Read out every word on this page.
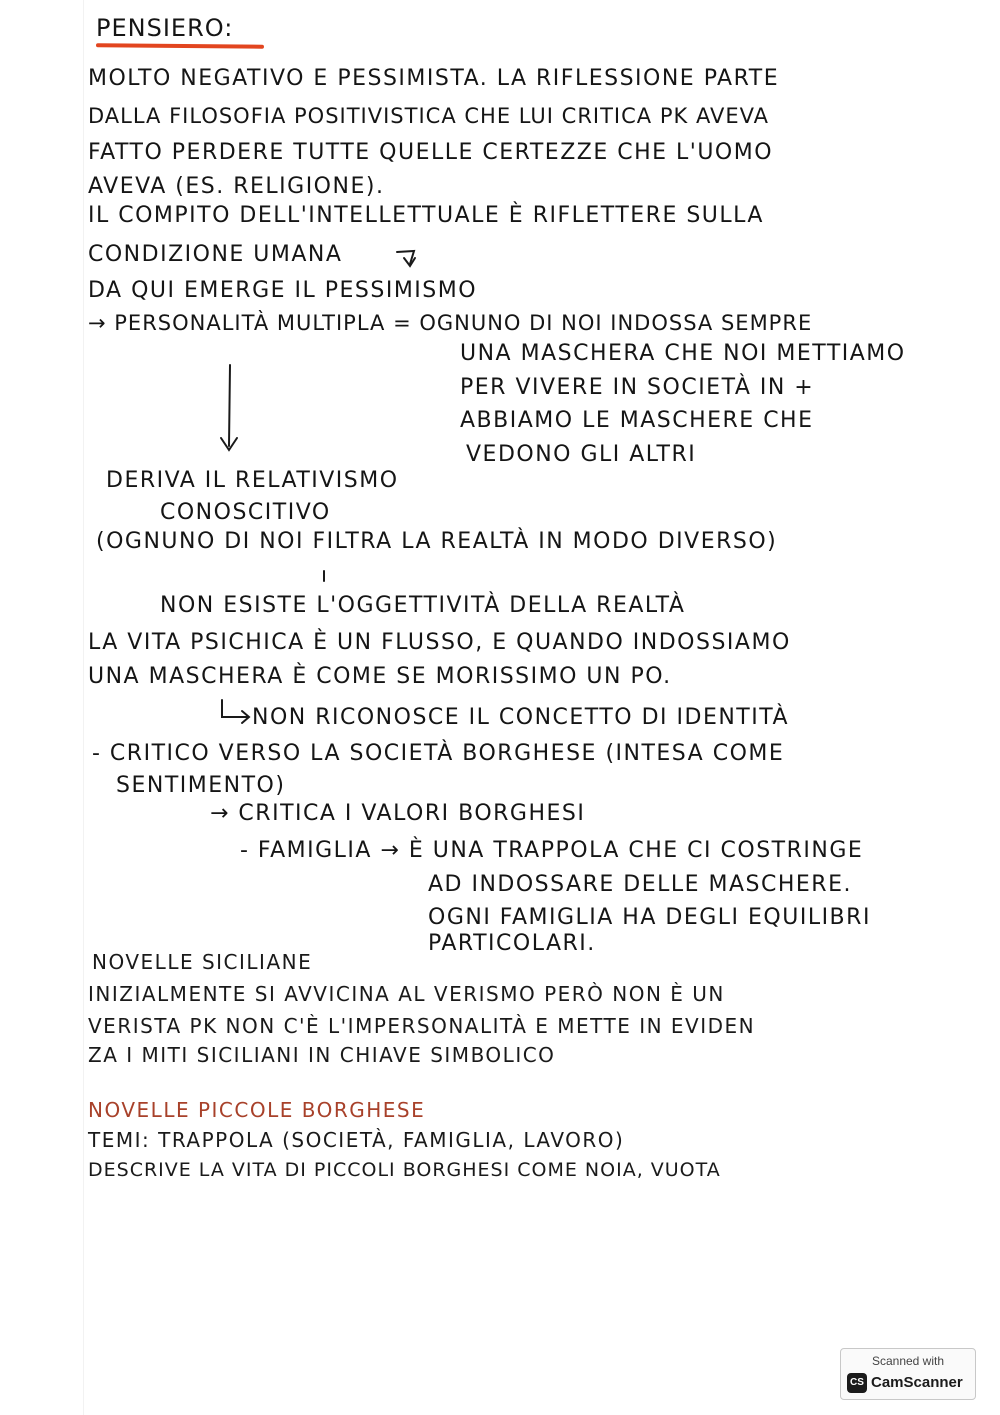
PENSIERO:
MOLTO NEGATIVO E PESSIMISTA. LA RIFLESSIONE PARTE
DALLA FILOSOFIA POSITIVISTICA CHE LUI CRITICA PK AVEVA
FATTO PERDERE TUTTE QUELLE CERTEZZE CHE L'UOMO
AVEVA (ES. RELIGIONE).
IL COMPITO DELL'INTELLETTUALE È RIFLETTERE SULLA
CONDIZIONE UMANA
DA QUI EMERGE IL PESSIMISMO
→ PERSONALITÀ MULTIPLA = OGNUNO DI NOI INDOSSA SEMPRE
UNA MASCHERA CHE NOI METTIAMO
PER VIVERE IN SOCIETÀ IN +
ABBIAMO LE MASCHERE CHE
VEDONO GLI ALTRI
DERIVA IL RELATIVISMO
CONOSCITIVO
(OGNUNO DI NOI FILTRA LA REALTÀ IN MODO DIVERSO)
NON ESISTE L'OGGETTIVITÀ DELLA REALTÀ
LA VITA PSICHICA È UN FLUSSO, E QUANDO INDOSSIAMO
UNA MASCHERA È COME SE MORISSIMO UN PO.
NON RICONOSCE IL CONCETTO DI IDENTITÀ
- CRITICO VERSO LA SOCIETÀ BORGHESE (INTESA COME
SENTIMENTO)
→ CRITICA I VALORI BORGHESI
- FAMIGLIA → È UNA TRAPPOLA CHE CI COSTRINGE
AD INDOSSARE DELLE MASCHERE.
OGNI FAMIGLIA HA DEGLI EQUILIBRI
PARTICOLARI.
NOVELLE SICILIANE
INIZIALMENTE SI AVVICINA AL VERISMO PERÒ NON È UN
VERISTA PK NON C'È L'IMPERSONALITÀ E METTE IN EVIDEN
ZA I MITI SICILIANI IN CHIAVE SIMBOLICO
NOVELLE PICCOLE BORGHESE
TEMI: TRAPPOLA (SOCIETÀ, FAMIGLIA, LAVORO)
DESCRIVE LA VITA DI PICCOLI BORGHESI COME NOIA, VUOTA
Scanned with
CS CamScanner
